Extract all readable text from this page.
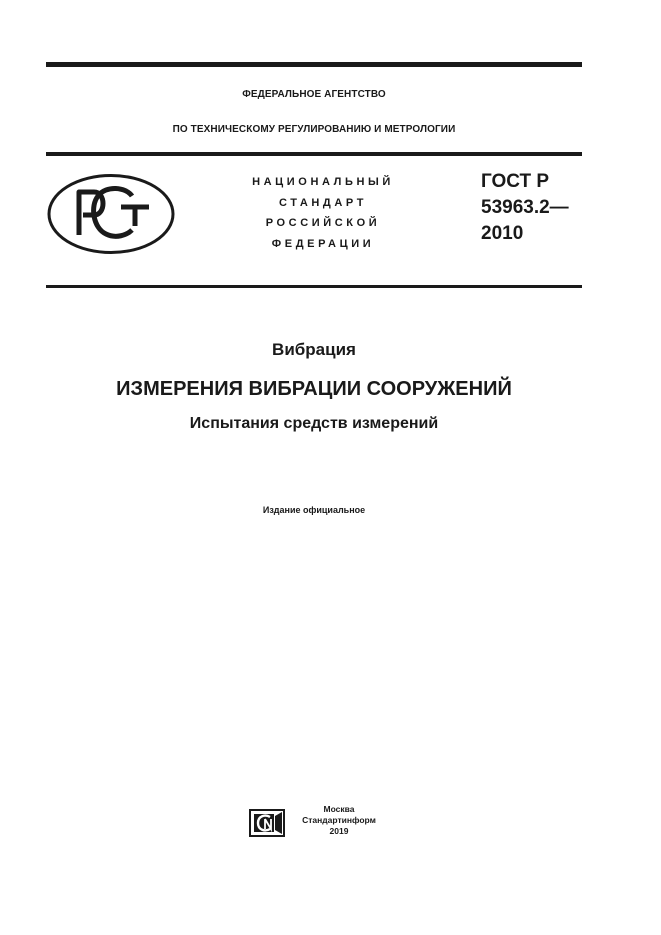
ФЕДЕРАЛЬНОЕ АГЕНТСТВО
ПО ТЕХНИЧЕСКОМУ РЕГУЛИРОВАНИЮ И МЕТРОЛОГИИ
НАЦИОНАЛЬНЫЙ
СТАНДАРТ
РОССИЙСКОЙ
ФЕДЕРАЦИИ
ГОСТ Р
53963.2—
2010
Вибрация
ИЗМЕРЕНИЯ ВИБРАЦИИ СООРУЖЕНИЙ
Испытания средств измерений
Издание официальное
Москва
Стандартинформ
2019
